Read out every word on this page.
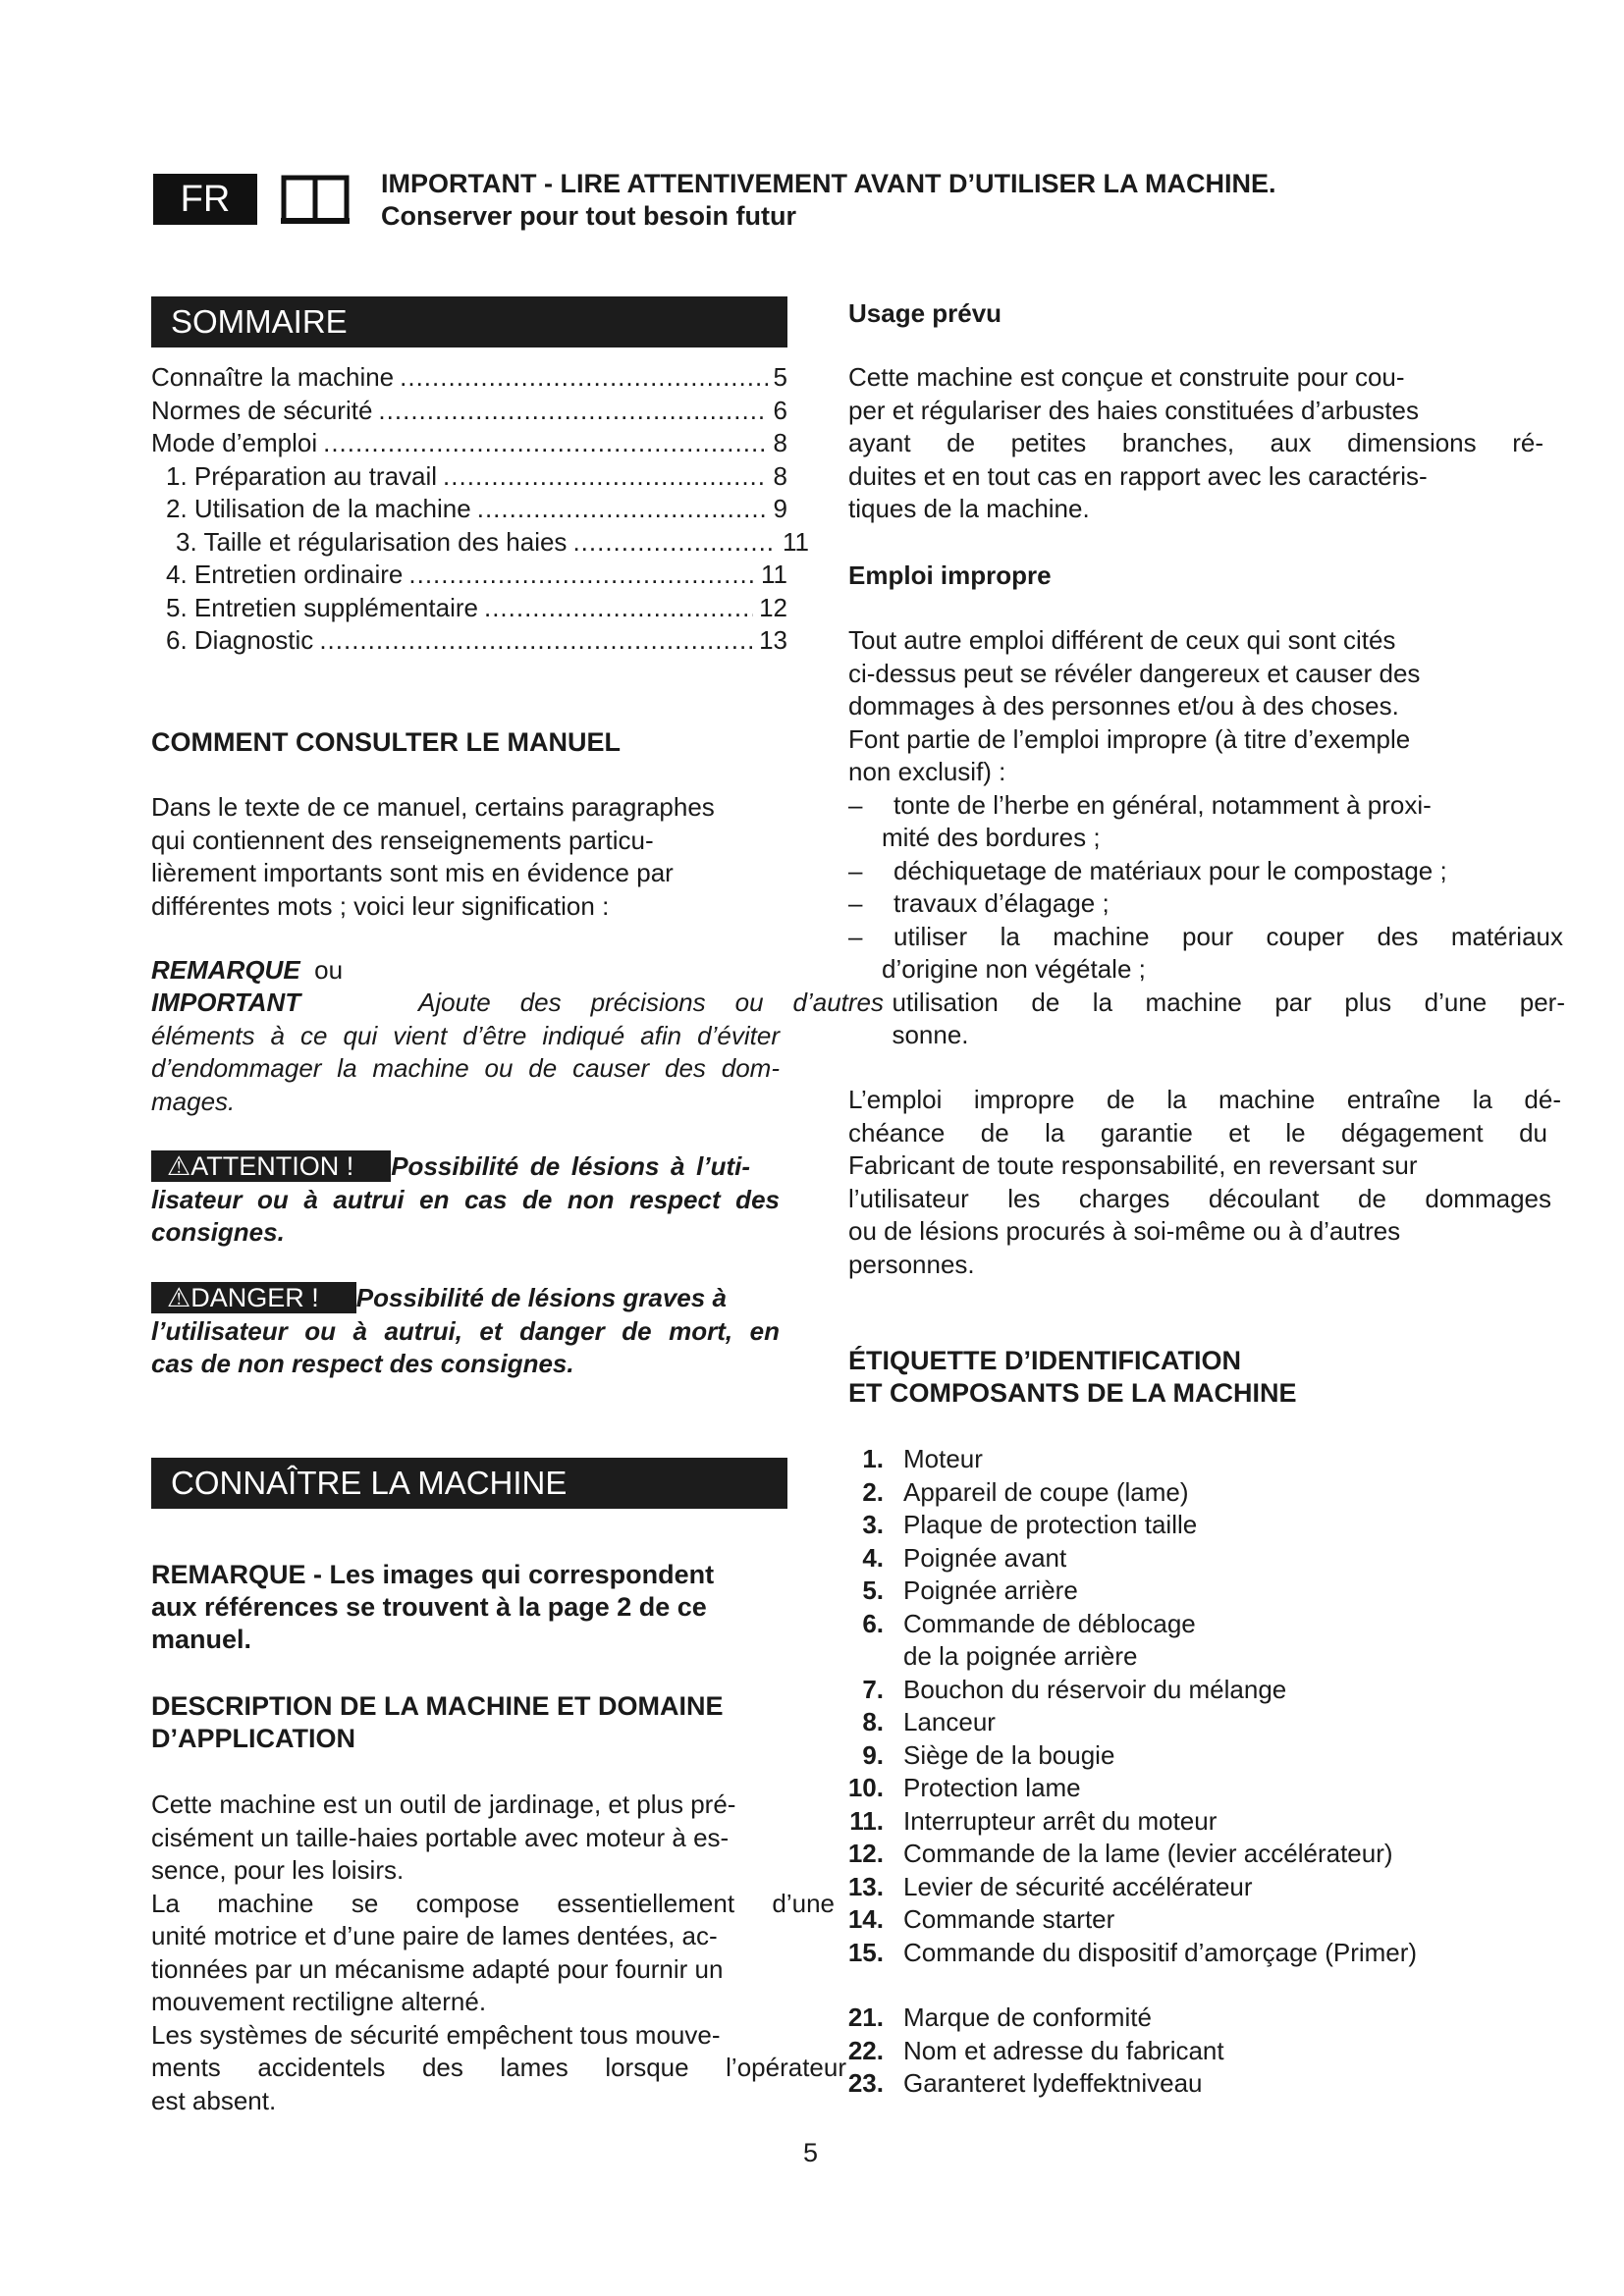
FR	IMPORTANT - LIRE ATTENTIVEMENT AVANT D’UTILISER LA MACHINE.
Conserver pour tout besoin futur
SOMMAIRE
Connaître la machine .....	5
Normes de sécurité .....	6
Mode d’emploi .....	8
1. Préparation au travail .....	8
2. Utilisation de la machine .....	9
3. Taille et régularisation des haies .....	11
4. Entretien ordinaire .....	11
5. Entretien supplémentaire .....	12
6. Diagnostic .....	13
COMMENT CONSULTER LE MANUEL
Dans le texte de ce manuel, certains paragraphes
qui contiennent des renseignements particu-
lièrement importants sont mis en évidence par
différentes mots ; voici leur signification :
REMARQUE ou
IMPORTANT	Ajoute des précisions ou d’autres
éléments à ce qui vient d’être indiqué afin d’éviter
d’endommager la machine ou de causer des dom-
mages.
⚠ATTENTION ! Possibilité de lésions à l’uti-
lisateur ou à autrui en cas de non respect des
consignes.
⚠DANGER ! Possibilité de lésions graves à
l’utilisateur ou à autrui, et danger de mort, en
cas de non respect des consignes.
CONNAÎTRE LA MACHINE
REMARQUE - Les images qui correspondent
aux références se trouvent à la page 2 de ce
manuel.
DESCRIPTION DE LA MACHINE ET DOMAINE
D’APPLICATION
Cette machine est un outil de jardinage, et plus pré-
cisément un taille-haies portable avec moteur à es-
sence, pour les loisirs.
La machine se compose essentiellement d’une
unité motrice et d’une paire de lames dentées, ac-
tionnées par un mécanisme adapté pour fournir un
mouvement rectiligne alterné.
Les systèmes de sécurité empêchent tous mouve-
ments accidentels des lames lorsque l’opérateur
est absent.
Usage prévu
Cette machine est conçue et construite pour cou-
per et régulariser des haies constituées d’arbustes
ayant de petites branches, aux dimensions ré-
duites et en tout cas en rapport avec les caractéris-
tiques de la machine.
Emploi impropre
Tout autre emploi différent de ceux qui sont cités
ci-dessus peut se révéler dangereux et causer des
dommages à des personnes et/ou à des choses.
Font partie de l’emploi impropre (à titre d’exemple
non exclusif) :
–	tonte de l’herbe en général, notamment à proxi-
mité des bordures ;
–	déchiquetage de matériaux pour le compostage ;
–	travaux d’élagage ;
–	utiliser la machine pour couper des matériaux
d’origine non végétale ;
utilisation de la machine par plus d’une per-
sonne.
L’emploi impropre de la machine entraîne la dé-
chéance de la garantie et le dégagement du
Fabricant de toute responsabilité, en reversant sur
l’utilisateur les charges découlant de dommages
ou de lésions procurés à soi-même ou à d’autres
personnes.
ÉTIQUETTE D’IDENTIFICATION
ET COMPOSANTS DE LA MACHINE
1. Moteur
2. Appareil de coupe (lame)
3. Plaque de protection taille
4. Poignée avant
5. Poignée arrière
6. Commande de déblocage
de la poignée arrière
7. Bouchon du réservoir du mélange
8. Lanceur
9. Siège de la bougie
10. Protection lame
11. Interrupteur arrêt du moteur
12. Commande de la lame (levier accélérateur)
13. Levier de sécurité accélérateur
14. Commande starter
15. Commande du dispositif d’amorçage (Primer)
21. Marque de conformité
22. Nom et adresse du fabricant
23. Garanteret lydeffektniveau
5
